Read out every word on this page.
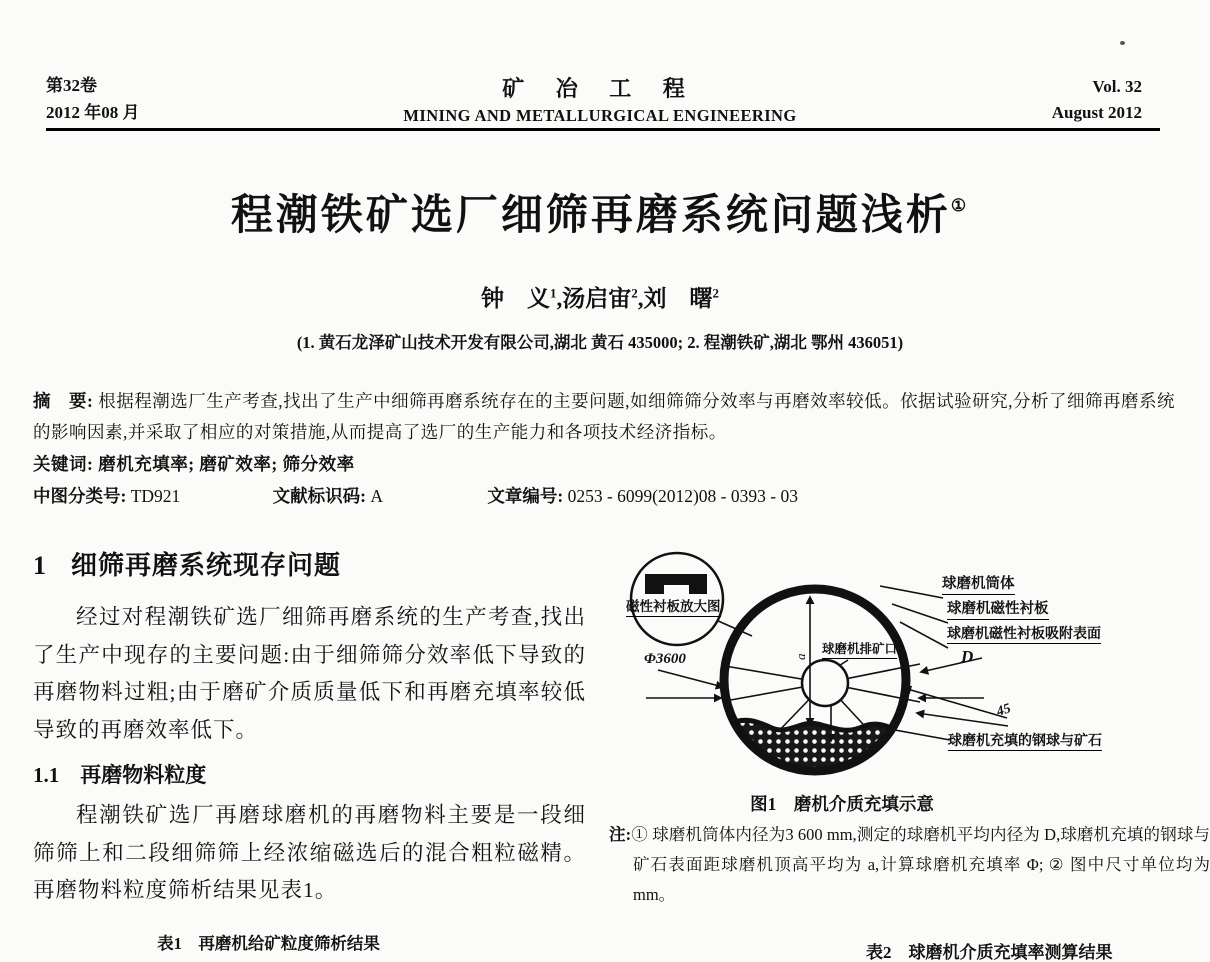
第32卷
2012 年08 月
矿 冶 工 程
MINING AND METALLURGICAL ENGINEERING
Vol. 32
August 2012
程潮铁矿选厂细筛再磨系统问题浅析①
钟　义$^1$,汤启宙$^2$,刘　曙$^2$
(1. 黄石龙泽矿山技术开发有限公司,湖北 黄石 435000; 2. 程潮铁矿,湖北 鄂州 436051)
摘　要: 根据程潮选厂生产考查,找出了生产中细筛再磨系统存在的主要问题,如细筛筛分效率与再磨效率较低。依据试验研究,分析了细筛再磨系统的影响因素,并采取了相应的对策措施,从而提高了选厂的生产能力和各项技术经济指标。
关键词: 磨机充填率; 磨矿效率; 筛分效率
中图分类号: TD921	文献标识码: A	文章编号: 0253 - 6099(2012)08 - 0393 - 03
1 细筛再磨系统现存问题

经过对程潮铁矿选厂细筛再磨系统的生产考查,找出了生产中现存的主要问题:由于细筛筛分效率低下导致的再磨物料过粗;由于磨矿介质质量低下和再磨充填率较低导致的再磨效率低下。

1.1　再磨物料粒度

程潮铁矿选厂再磨球磨机的再磨物料主要是一段细筛筛上和二段细筛筛上经浓缩磁选后的混合粗粒磁精。再磨物料粒度筛析结果见表1。

表1　再磨机给矿粒度筛析结果
a
磁性衬板放大图
Φ3600
球磨机筒体
球磨机磁性衬板
球磨机磁性衬板吸附表面
球磨机排矿口	D
45
球磨机充填的钢球与矿石
图1　磨机介质充填示意
注:① 球磨机筒体内径为3 600 mm,测定的球磨机平均内径为 D,球磨机充填的钢球与矿石表面距球磨机顶高平均为 a,计算球磨机充填率 Φ; ② 图中尺寸单位均为 mm。
表2　球磨机介质充填率测算结果
